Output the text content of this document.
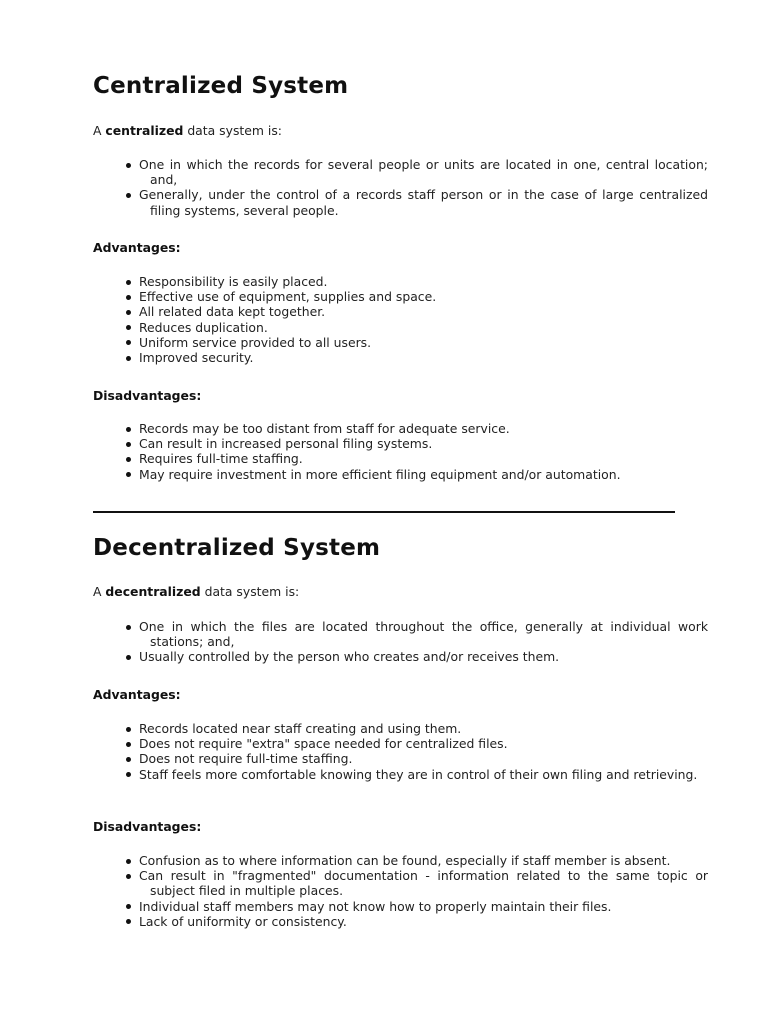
Centralized System

A centralized data system is:

One in which the records for several people or units are located in one, central location; and,
Generally, under the control of a records staff person or in the case of large centralized filing systems, several people.

Advantages:

Responsibility is easily placed.
Effective use of equipment, supplies and space.
All related data kept together.
Reduces duplication.
Uniform service provided to all users.
Improved security.

Disadvantages:

Records may be too distant from staff for adequate service.
Can result in increased personal filing systems.
Requires full-time staffing.
May require investment in more efficient filing equipment and/or automation.
Decentralized System

A decentralized data system is:

One in which the files are located throughout the office, generally at individual work stations; and,
Usually controlled by the person who creates and/or receives them.

Advantages:

Records located near staff creating and using them.
Does not require "extra" space needed for centralized files.
Does not require full-time staffing.
Staff feels more comfortable knowing they are in control of their own filing and retrieving.

Disadvantages:

Confusion as to where information can be found, especially if staff member is absent.
Can result in "fragmented" documentation - information related to the same topic or subject filed in multiple places.
Individual staff members may not know how to properly maintain their files.
Lack of uniformity or consistency.
